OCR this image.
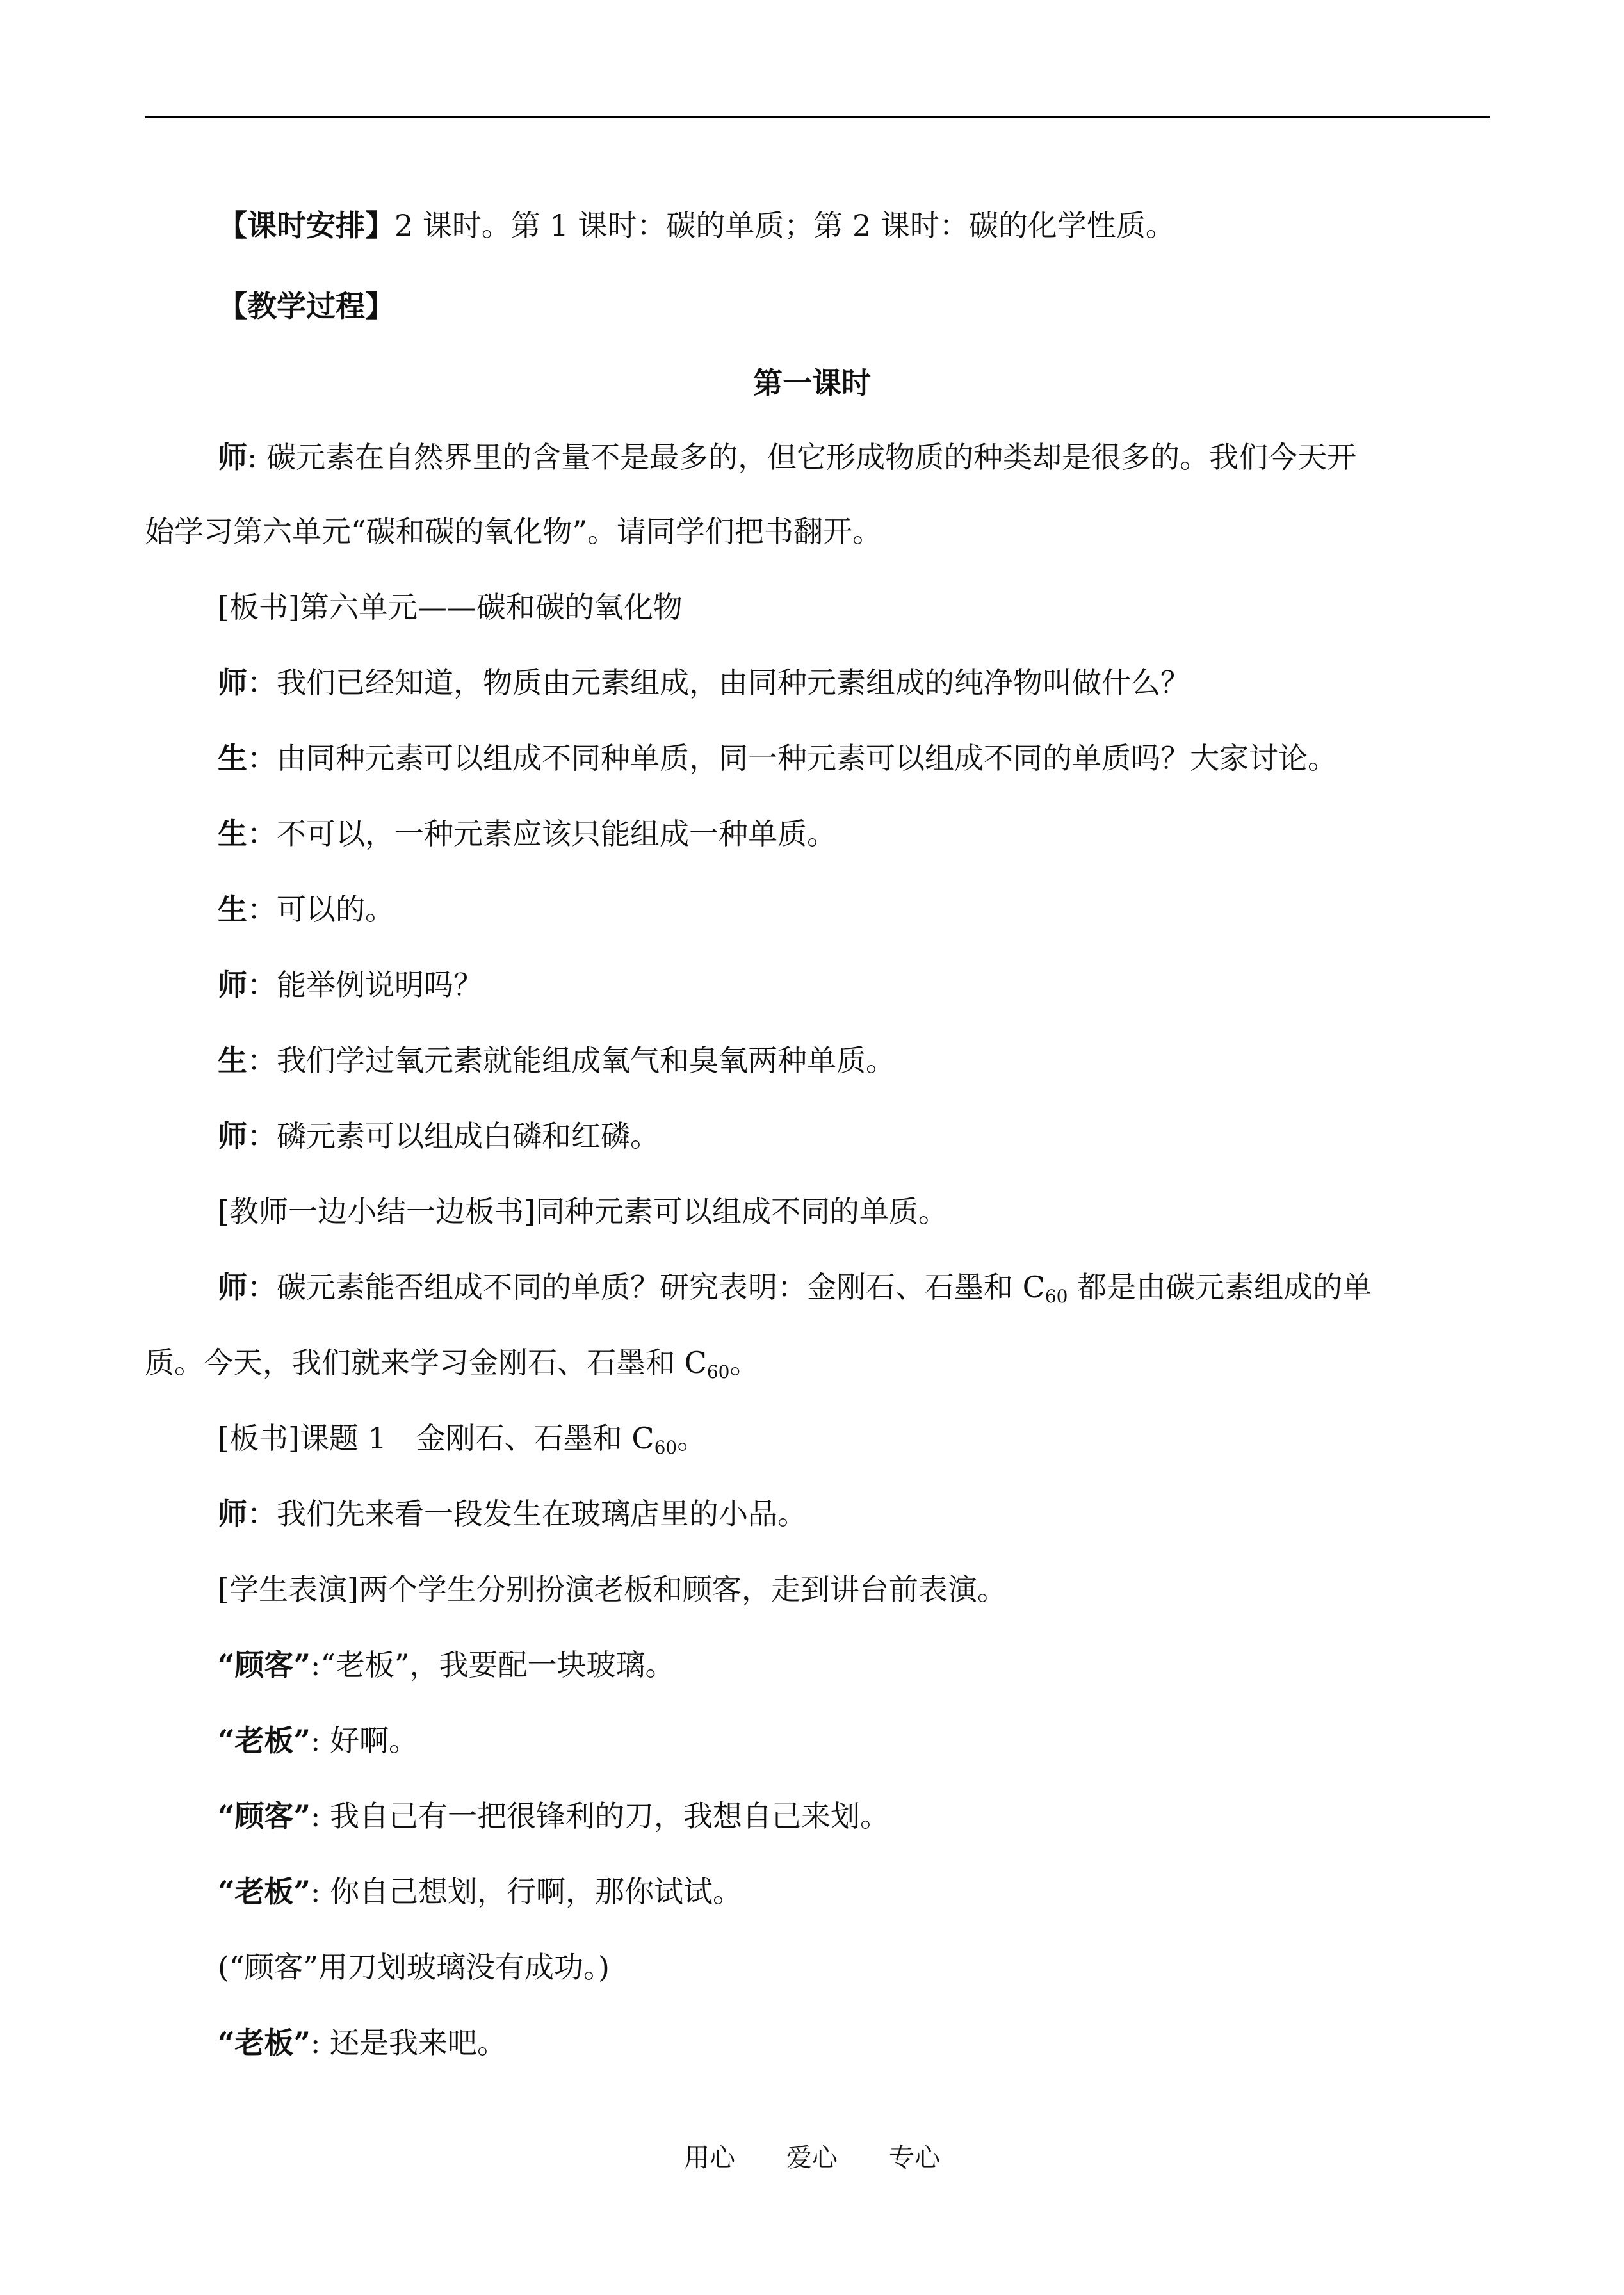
【课时安排】2 课时。第 1 课时：碳的单质；第 2 课时：碳的化学性质。
【教学过程】
第一课时
师: 碳元素在自然界里的含量不是最多的，但它形成物质的种类却是很多的。我们今天开
始学习第六单元“碳和碳的氧化物”。请同学们把书翻开。
[板书]第六单元——碳和碳的氧化物
师：我们已经知道，物质由元素组成，由同种元素组成的纯净物叫做什么？
生：由同种元素可以组成不同种单质，同一种元素可以组成不同的单质吗？大家讨论。
生：不可以，一种元素应该只能组成一种单质。
生：可以的。
师：能举例说明吗？
生：我们学过氧元素就能组成氧气和臭氧两种单质。
师：磷元素可以组成白磷和红磷。
[教师一边小结一边板书]同种元素可以组成不同的单质。
师：碳元素能否组成不同的单质？研究表明：金刚石、石墨和 $C_{60}$ 都是由碳元素组成的单
质。今天，我们就来学习金刚石、石墨和 $C_{60}$。
[板书]课题 1　金刚石、石墨和 $C_{60}$。
师：我们先来看一段发生在玻璃店里的小品。
[学生表演]两个学生分别扮演老板和顾客，走到讲台前表演。
“顾客”:“老板”，我要配一块玻璃。
“老板”: 好啊。
“顾客”: 我自己有一把很锋利的刀，我想自己来划。
“老板”: 你自己想划，行啊，那你试试。
(“顾客”用刀划玻璃没有成功。)
“老板”: 还是我来吧。
用心 爱心 专心
